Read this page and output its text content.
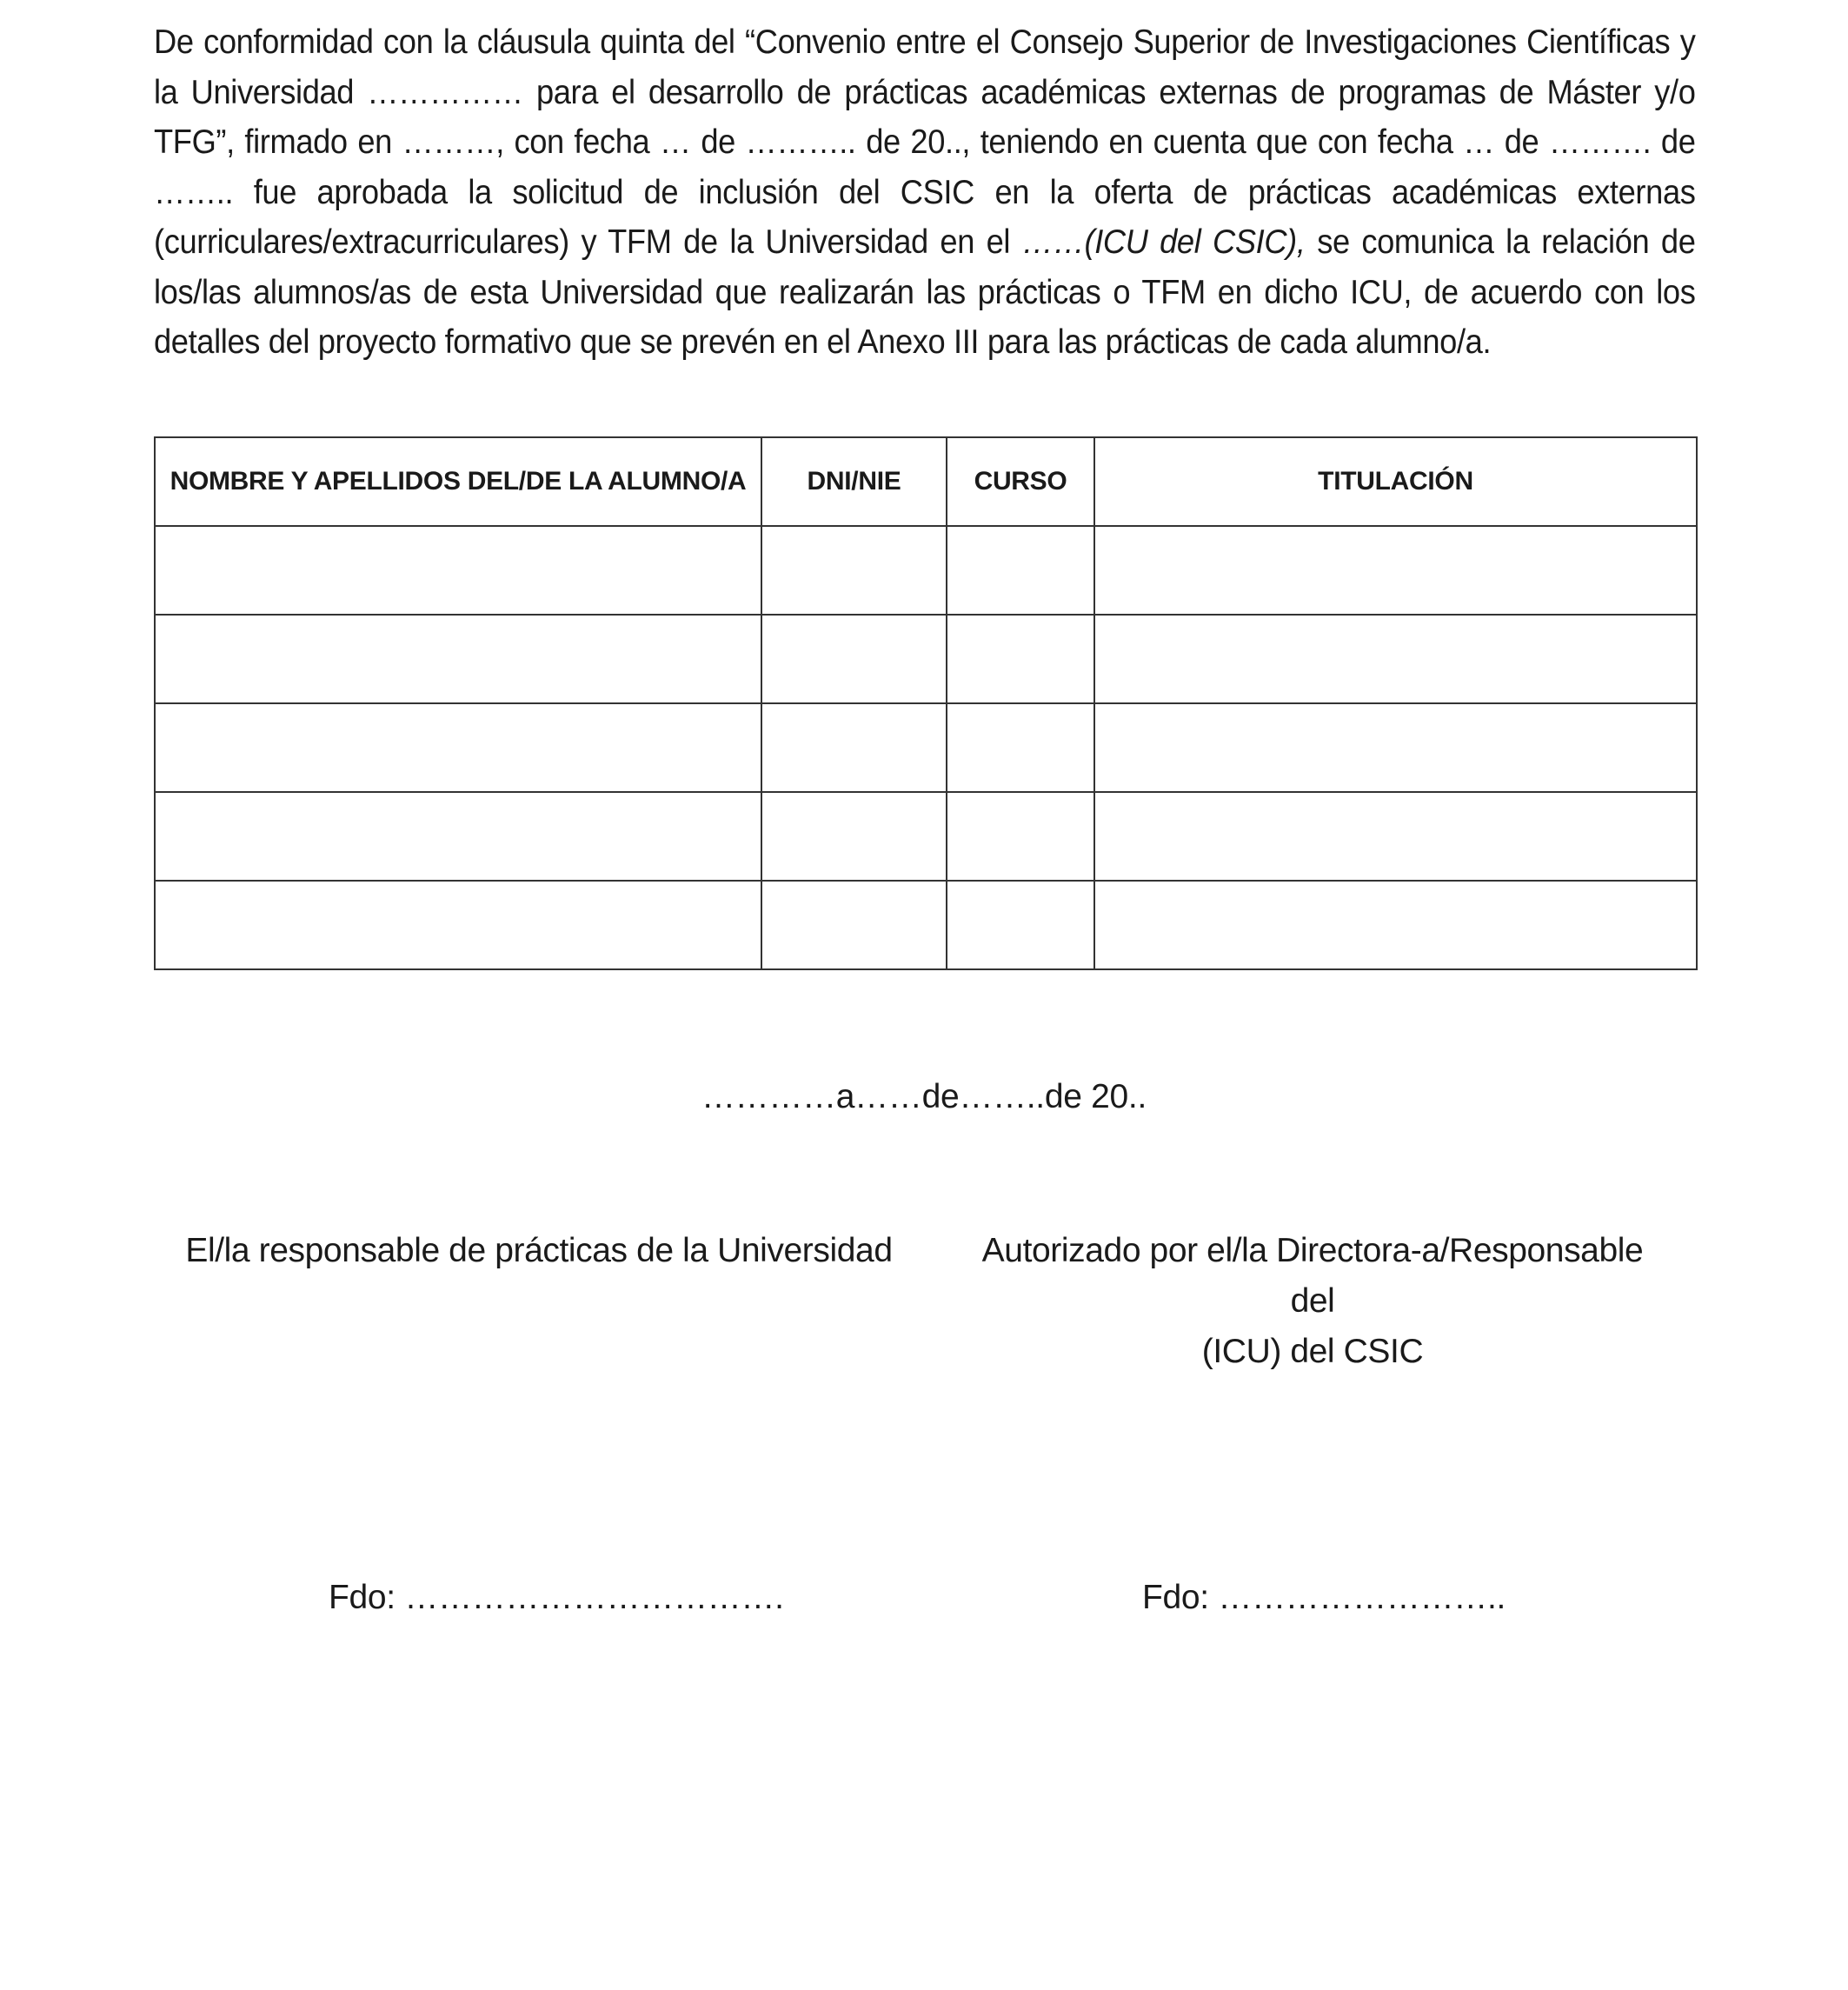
De conformidad con la cláusula quinta del “Convenio entre el Consejo Superior de Investigaciones Científicas y la Universidad …………… para el desarrollo de prácticas académicas externas de programas de Máster y/o TFG”, firmado en ………, con fecha … de ……….. de 20.., teniendo en cuenta que con fecha … de ………. de …….. fue aprobada la solicitud de inclusión del CSIC en la oferta de prácticas académicas externas (curriculares/extracurriculares) y TFM de la Universidad en el ……(ICU del CSIC), se comunica la relación de los/las alumnos/as de esta Universidad que realizarán las prácticas o TFM en dicho ICU, de acuerdo con los detalles del proyecto formativo que se prevén en el Anexo III para las prácticas de cada alumno/a.

NOMBRE Y APELLIDOS DEL/DE LA ALUMNO/A	DNI/NIE	CURSO	TITULACIÓN

…………a……de……..de 20..
El/la responsable de prácticas de la Universidad	Autorizado por el/la Directora-a/Responsable del
(ICU) del CSIC
Fdo: …………………………….	Fdo: ……………………..
